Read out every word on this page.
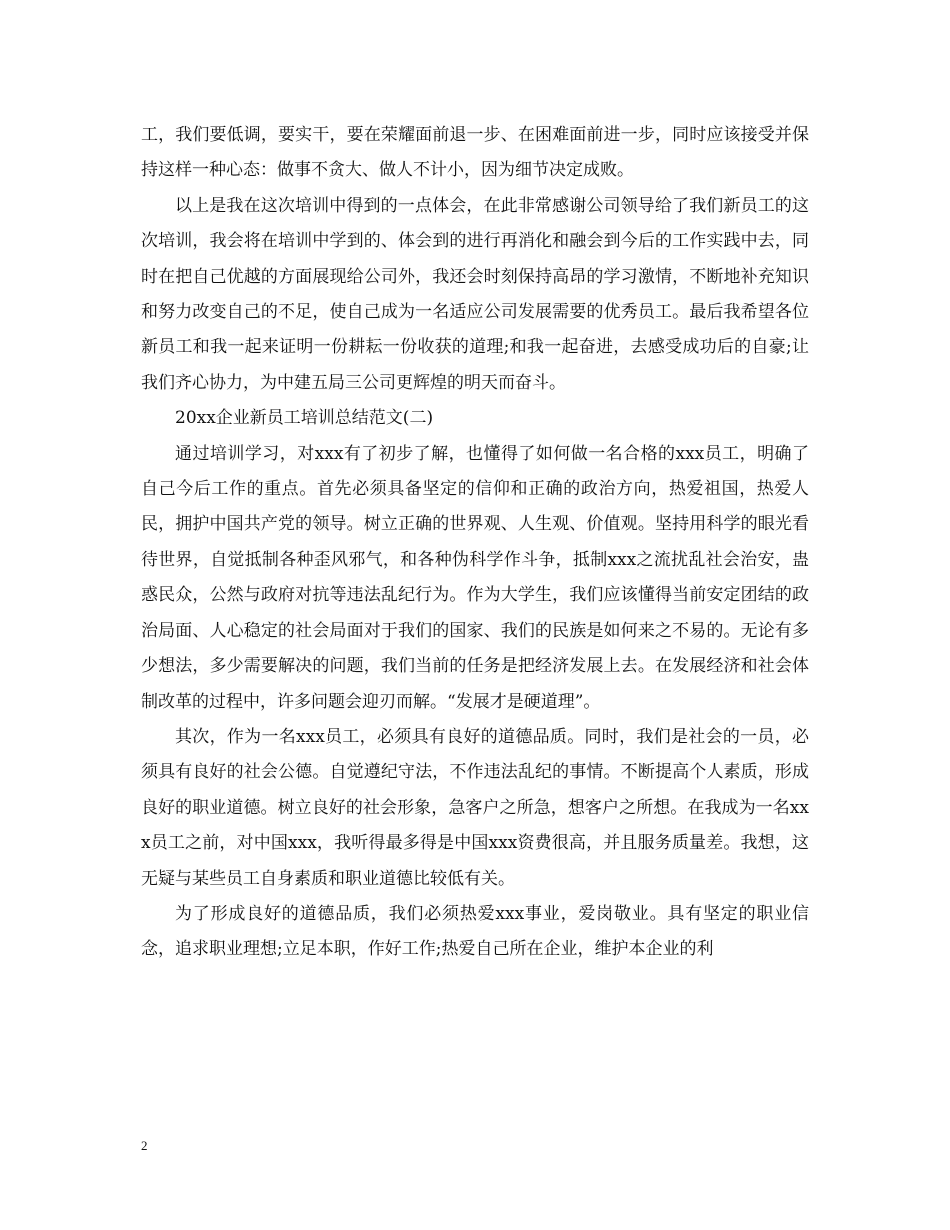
工，我们要低调，要实干，要在荣耀面前退一步、在困难面前进一步，同时应该接受并保持这样一种心态：做事不贪大、做人不计小，因为细节决定成败。

以上是我在这次培训中得到的一点体会，在此非常感谢公司领导给了我们新员工的这次培训，我会将在培训中学到的、体会到的进行再消化和融会到今后的工作实践中去，同时在把自己优越的方面展现给公司外，我还会时刻保持高昂的学习激情，不断地补充知识和努力改变自己的不足，使自己成为一名适应公司发展需要的优秀员工。最后我希望各位新员工和我一起来证明一份耕耘一份收获的道理;和我一起奋进，去感受成功后的自豪;让我们齐心协力，为中建五局三公司更辉煌的明天而奋斗。

20xx企业新员工培训总结范文(二)

通过培训学习，对xxx有了初步了解，也懂得了如何做一名合格的xxx员工，明确了自己今后工作的重点。首先必须具备坚定的信仰和正确的政治方向，热爱祖国，热爱人民，拥护中国共产党的领导。树立正确的世界观、人生观、价值观。坚持用科学的眼光看待世界，自觉抵制各种歪风邪气，和各种伪科学作斗争，抵制xxx之流扰乱社会治安，蛊惑民众，公然与政府对抗等违法乱纪行为。作为大学生，我们应该懂得当前安定团结的政治局面、人心稳定的社会局面对于我们的国家、我们的民族是如何来之不易的。无论有多少想法，多少需要解决的问题，我们当前的任务是把经济发展上去。在发展经济和社会体制改革的过程中，许多问题会迎刃而解。“发展才是硬道理”。

其次，作为一名xxx员工，必须具有良好的道德品质。同时，我们是社会的一员，必须具有良好的社会公德。自觉遵纪守法，不作违法乱纪的事情。不断提高个人素质，形成良好的职业道德。树立良好的社会形象，急客户之所急，想客户之所想。在我成为一名xxx员工之前，对中国xxx，我听得最多得是中国xxx资费很高，并且服务质量差。我想，这无疑与某些员工自身素质和职业道德比较低有关。

为了形成良好的道德品质，我们必须热爱xxx事业，爱岗敬业。具有坚定的职业信念，追求职业理想;立足本职，作好工作;热爱自己所在企业，维护本企业的利

2
